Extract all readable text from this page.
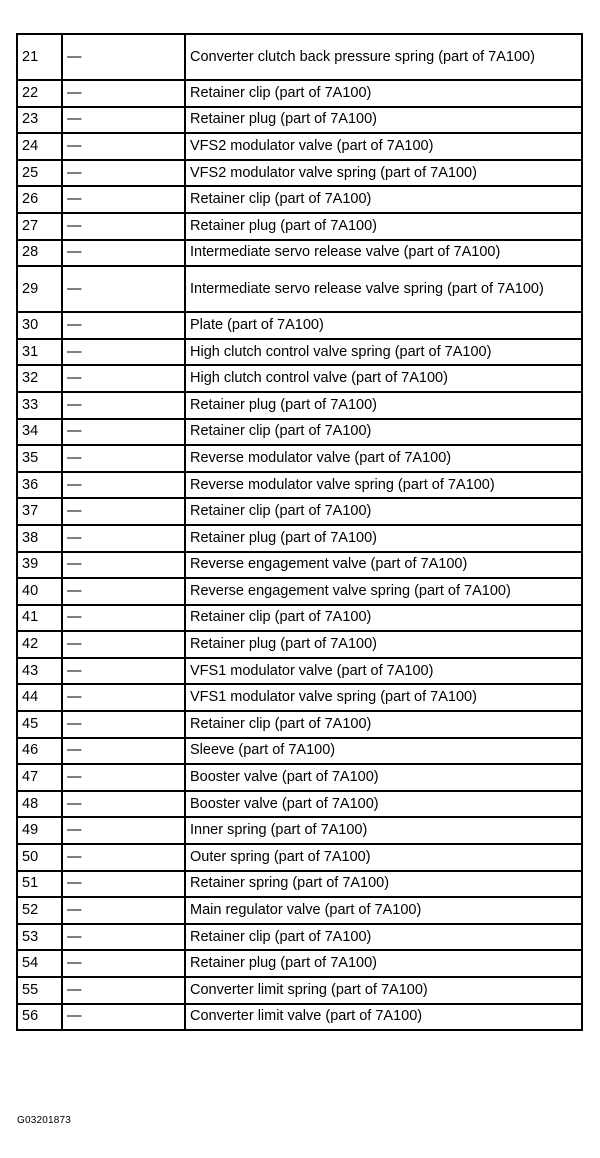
21	—	Converter clutch back pressure spring (part of 7A100)
22	—	Retainer clip (part of 7A100)
23	—	Retainer plug (part of 7A100)
24	—	VFS2 modulator valve (part of 7A100)
25	—	VFS2 modulator valve spring (part of 7A100)
26	—	Retainer clip (part of 7A100)
27	—	Retainer plug (part of 7A100)
28	—	Intermediate servo release valve (part of 7A100)
29	—	Intermediate servo release valve spring (part of 7A100)
30	—	Plate (part of 7A100)
31	—	High clutch control valve spring (part of 7A100)
32	—	High clutch control valve (part of 7A100)
33	—	Retainer plug (part of 7A100)
34	—	Retainer clip (part of 7A100)
35	—	Reverse modulator valve (part of 7A100)
36	—	Reverse modulator valve spring (part of 7A100)
37	—	Retainer clip (part of 7A100)
38	—	Retainer plug (part of 7A100)
39	—	Reverse engagement valve (part of 7A100)
40	—	Reverse engagement valve spring (part of 7A100)
41	—	Retainer clip (part of 7A100)
42	—	Retainer plug (part of 7A100)
43	—	VFS1 modulator valve (part of 7A100)
44	—	VFS1 modulator valve spring (part of 7A100)
45	—	Retainer clip (part of 7A100)
46	—	Sleeve (part of 7A100)
47	—	Booster valve (part of 7A100)
48	—	Booster valve (part of 7A100)
49	—	Inner spring (part of 7A100)
50	—	Outer spring (part of 7A100)
51	—	Retainer spring (part of 7A100)
52	—	Main regulator valve (part of 7A100)
53	—	Retainer clip (part of 7A100)
54	—	Retainer plug (part of 7A100)
55	—	Converter limit spring (part of 7A100)
56	—	Converter limit valve (part of 7A100)
G03201873
